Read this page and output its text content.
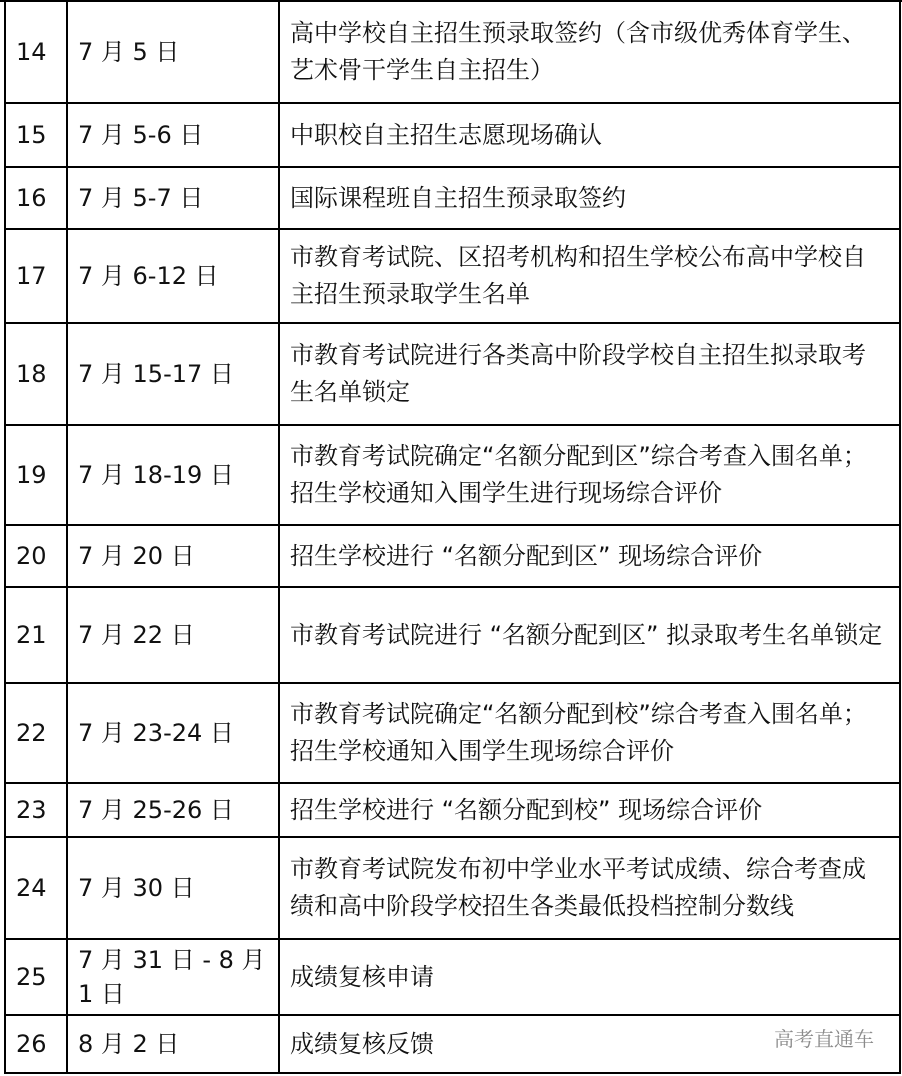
14	7 月 5 日	高中学校自主招生预录取签约（含市级优秀体育学生、艺术骨干学生自主招生）
15	7 月 5-6 日	中职校自主招生志愿现场确认
16	7 月 5-7 日	国际课程班自主招生预录取签约
17	7 月 6-12 日	市教育考试院、区招考机构和招生学校公布高中学校自主招生预录取学生名单
18	7 月 15-17 日	市教育考试院进行各类高中阶段学校自主招生拟录取考生名单锁定
19	7 月 18-19 日	市教育考试院确定“名额分配到区”综合考查入围名单；招生学校通知入围学生进行现场综合评价
20	7 月 20 日	招生学校进行 “名额分配到区” 现场综合评价
21	7 月 22 日	市教育考试院进行 “名额分配到区” 拟录取考生名单锁定
22	7 月 23-24 日	市教育考试院确定“名额分配到校”综合考查入围名单；招生学校通知入围学生现场综合评价
23	7 月 25-26 日	招生学校进行 “名额分配到校” 现场综合评价
24	7 月 30 日	市教育考试院发布初中学业水平考试成绩、综合考查成绩和高中阶段学校招生各类最低投档控制分数线
25	7 月 31 日 - 8 月 1 日	成绩复核申请
26	8 月 2 日	成绩复核反馈	高考直通车
